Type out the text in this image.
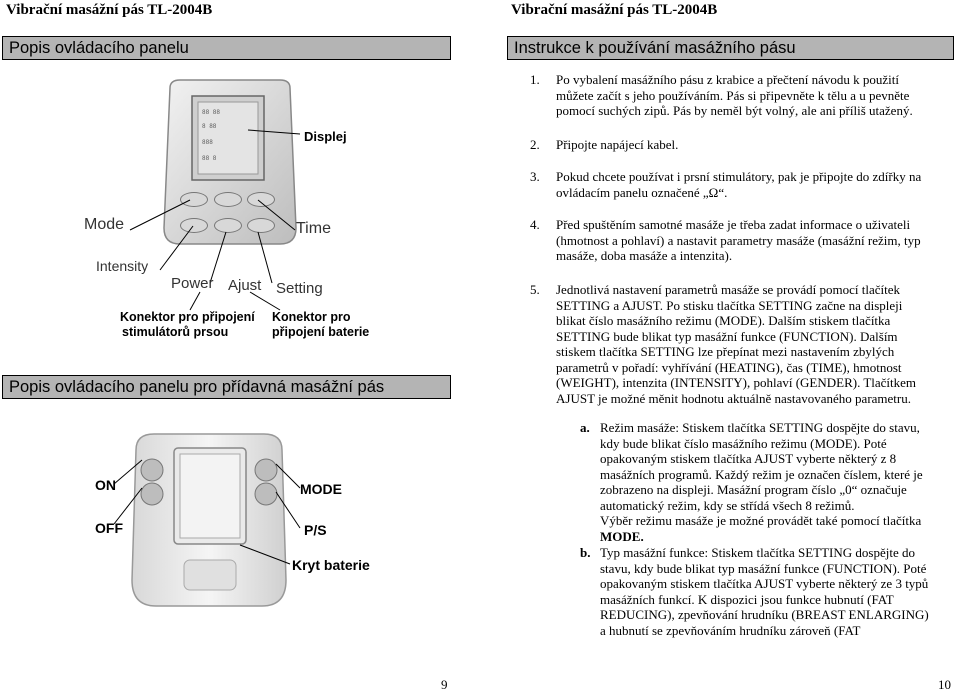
Vibrační masážní pás TL-2004B	Vibrační masážní pás TL-2004B
Popis ovládacího panelu
88 88
8 88
888
88 8
Displej
Mode	Time
Intensity
Power Ajust Setting
Konektor pro připojení
stimulátorů prsou
Konektor pro
připojení baterie
Popis ovládacího panelu pro přídavná masážní pás
ON
OFF
MODE
P/S
Kryt baterie
9
Instrukce k používání masážního pásu
1. Po vybalení masážního pásu z krabice a přečtení návodu k použití
můžete začít s jeho používáním. Pás si připevněte k tělu a u pevněte
pomocí suchých zipů. Pás by neměl být volný, ale ani příliš utažený.
2. Připojte napájecí kabel.
3. Pokud chcete používat i prsní stimulátory, pak je připojte do zdířky na
ovládacím panelu označené „Ω“.
4. Před spuštěním samotné masáže je třeba zadat informace o uživateli
(hmotnost a pohlaví) a nastavit parametry masáže (masážní režim, typ
masáže, doba masáže a intenzita).
5. Jednotlivá nastavení parametrů masáže se provádí pomocí tlačítek
SETTING a AJUST. Po stisku tlačítka SETTING začne na displeji
blikat číslo masážního režimu (MODE). Dalším stiskem tlačítka
SETTING bude blikat typ masážní funkce (FUNCTION). Dalším
stiskem tlačítka SETTING lze přepínat mezi nastavením zbylých
parametrů v pořadí: vyhřívání (HEATING), čas (TIME), hmotnost
(WEIGHT), intenzita (INTENSITY), pohlaví (GENDER). Tlačítkem
AJUST je možné měnit hodnotu aktuálně nastavovaného parametru.
a. Režim masáže: Stiskem tlačítka SETTING dospějte do stavu,
kdy bude blikat číslo masážního režimu (MODE). Poté
opakovaným stiskem tlačítka AJUST vyberte některý z 8
masážních programů. Každý režim je označen číslem, které je
zobrazeno na displeji. Masážní program číslo „0“ označuje
automatický režim, kdy se střídá všech 8 režimů.
Výběr režimu masáže je možné provádět také pomocí tlačítka
MODE.
b. Typ masážní funkce: Stiskem tlačítka SETTING dospějte do
stavu, kdy bude blikat typ masážní funkce (FUNCTION). Poté
opakovaným stiskem tlačítka AJUST vyberte některý ze 3 typů
masážních funkcí. K dispozici jsou funkce hubnutí (FAT
REDUCING), zpevňování hrudníku (BREAST ENLARGING)
a hubnutí se zpevňováním hrudníku zároveň (FAT
10
